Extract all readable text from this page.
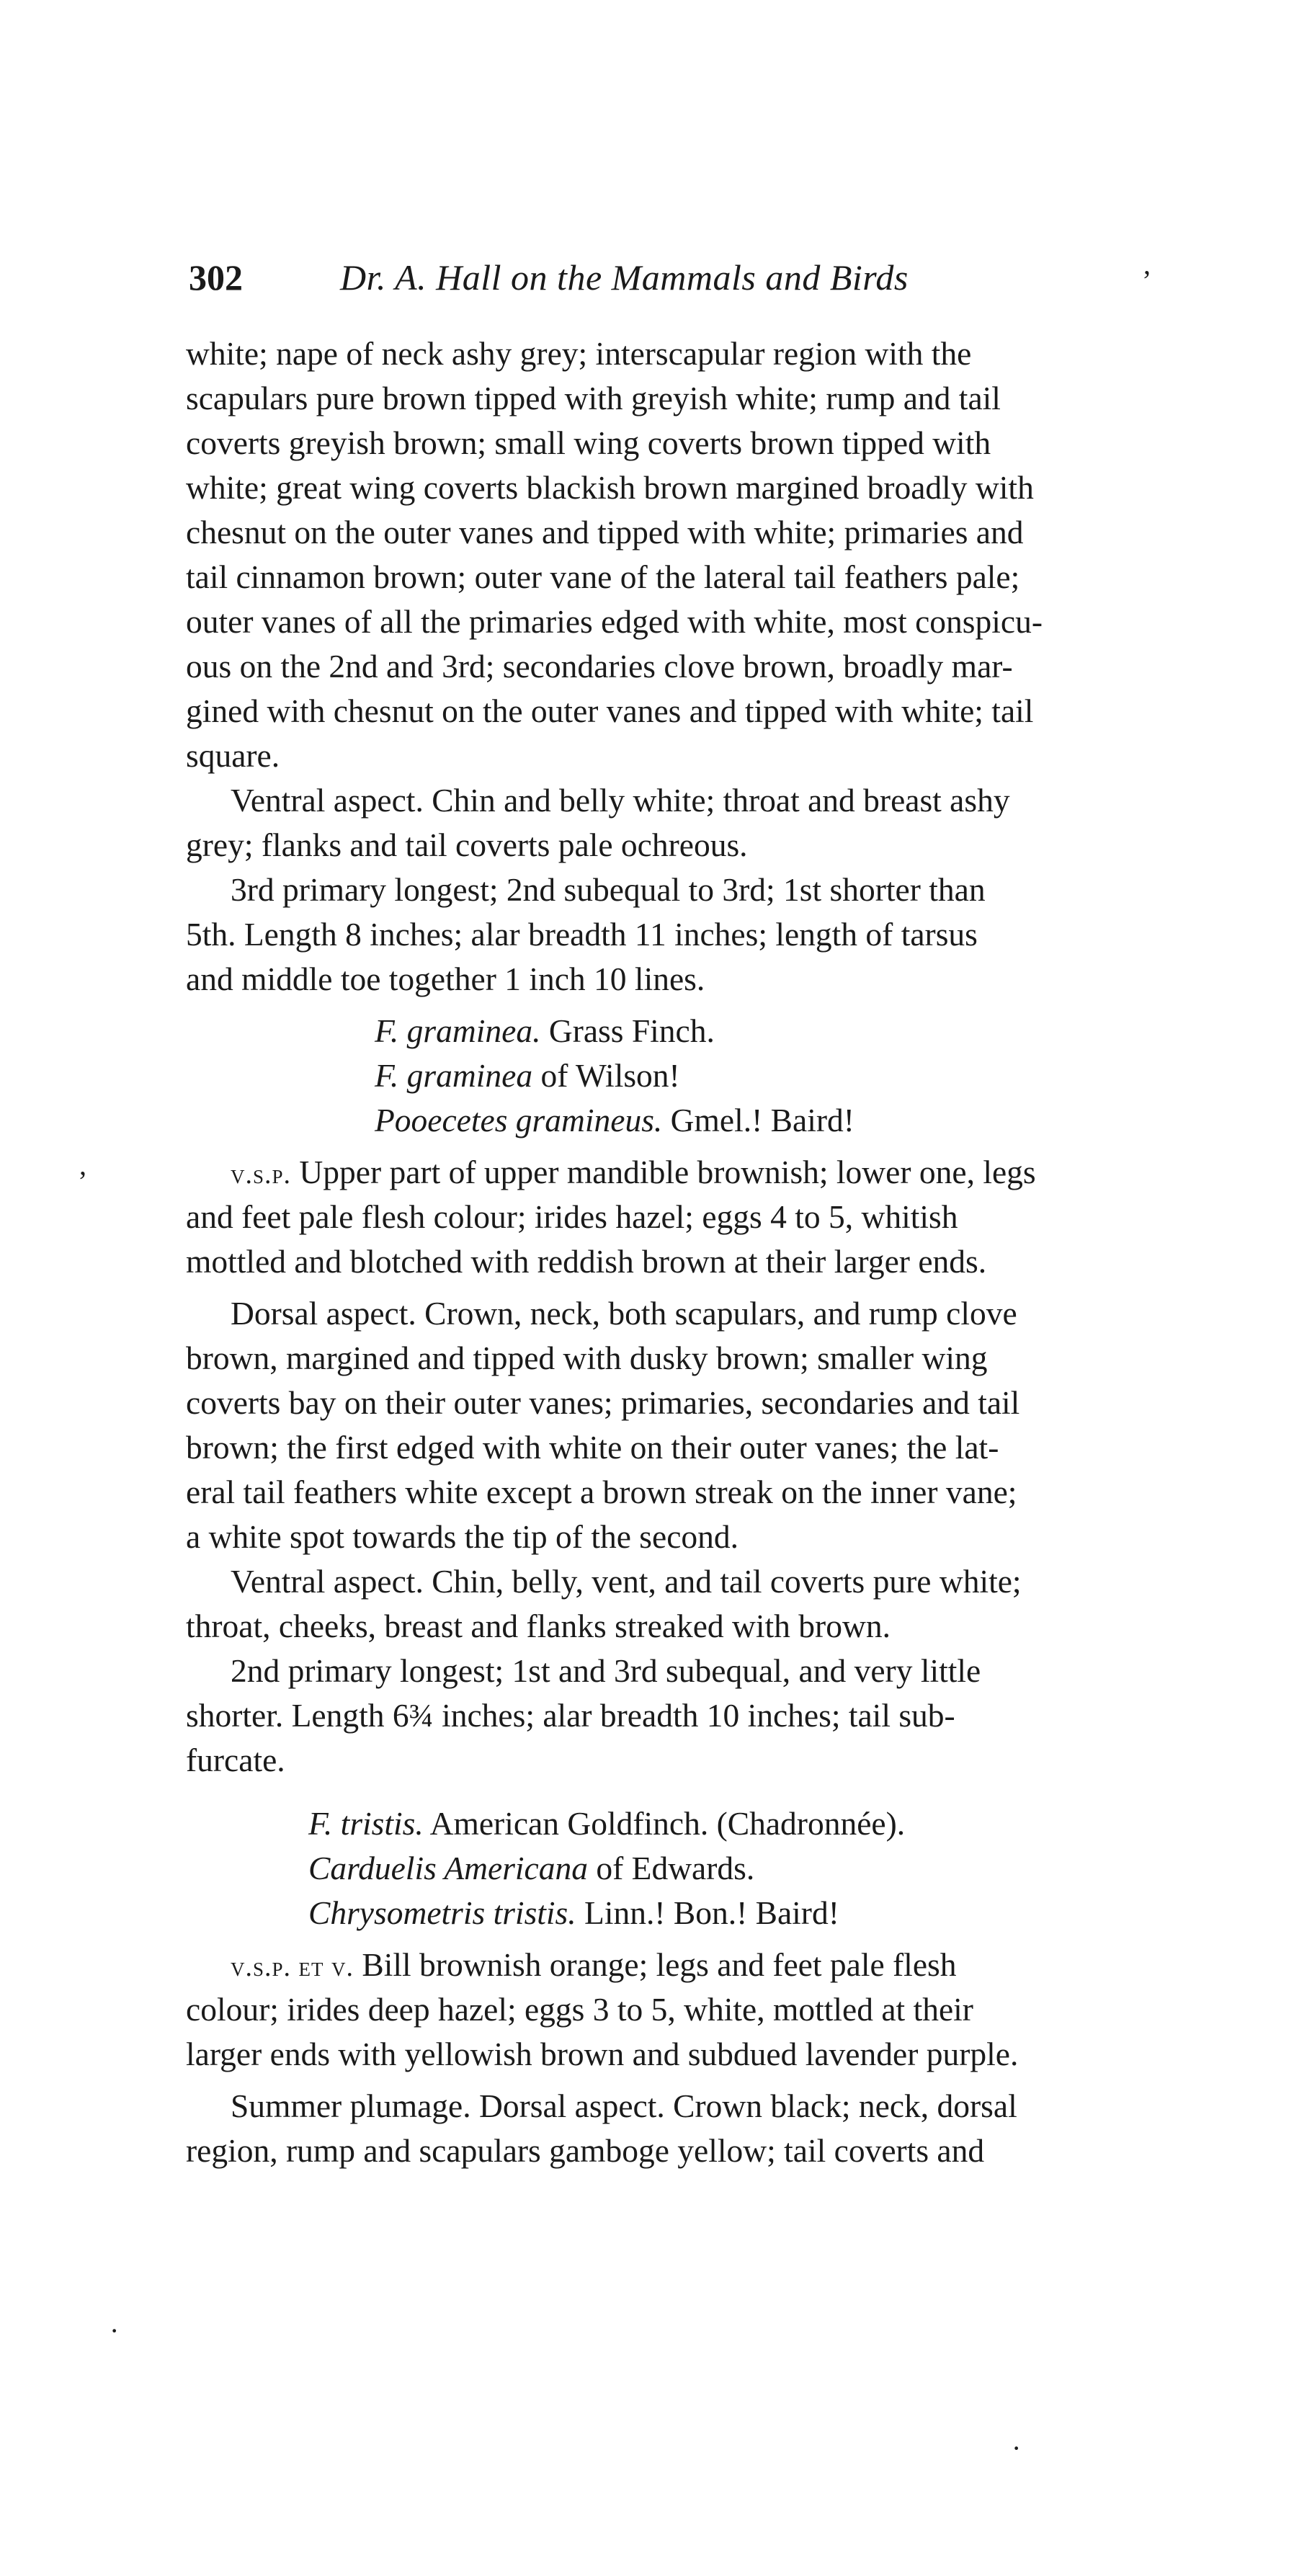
302	Dr. A. Hall on the Mammals and Birds	ʼ
ʼ
·
·
white; nape of neck ashy grey; interscapular region with the
scapulars pure brown tipped with greyish white; rump and tail
coverts greyish brown; small wing coverts brown tipped with
white; great wing coverts blackish brown margined broadly with
chesnut on the outer vanes and tipped with white; primaries and
tail cinnamon brown; outer vane of the lateral tail feathers pale;
outer vanes of all the primaries edged with white, most conspicu-
ous on the 2nd and 3rd; secondaries clove brown, broadly mar-
gined with chesnut on the outer vanes and tipped with white; tail
square.
Ventral aspect. Chin and belly white; throat and breast ashy
grey; flanks and tail coverts pale ochreous.
3rd primary longest; 2nd subequal to 3rd; 1st shorter than
5th. Length 8 inches; alar breadth 11 inches; length of tarsus
and middle toe together 1 inch 10 lines.
F. graminea. Grass Finch.
F. graminea of Wilson!
Pooecetes gramineus. Gmel.! Baird!
v.s.p. Upper part of upper mandible brownish; lower one, legs
and feet pale flesh colour; irides hazel; eggs 4 to 5, whitish
mottled and blotched with reddish brown at their larger ends.
Dorsal aspect. Crown, neck, both scapulars, and rump clove
brown, margined and tipped with dusky brown; smaller wing
coverts bay on their outer vanes; primaries, secondaries and tail
brown; the first edged with white on their outer vanes; the lat-
eral tail feathers white except a brown streak on the inner vane;
a white spot towards the tip of the second.
Ventral aspect. Chin, belly, vent, and tail coverts pure white;
throat, cheeks, breast and flanks streaked with brown.
2nd primary longest; 1st and 3rd subequal, and very little
shorter. Length 6¾ inches; alar breadth 10 inches; tail sub-
furcate.
F. tristis. American Goldfinch. (Chadronnée).
Carduelis Americana of Edwards.
Chrysometris tristis. Linn.! Bon.! Baird!
v.s.p. et v. Bill brownish orange; legs and feet pale flesh
colour; irides deep hazel; eggs 3 to 5, white, mottled at their
larger ends with yellowish brown and subdued lavender purple.
Summer plumage. Dorsal aspect. Crown black; neck, dorsal
region, rump and scapulars gamboge yellow; tail coverts and
